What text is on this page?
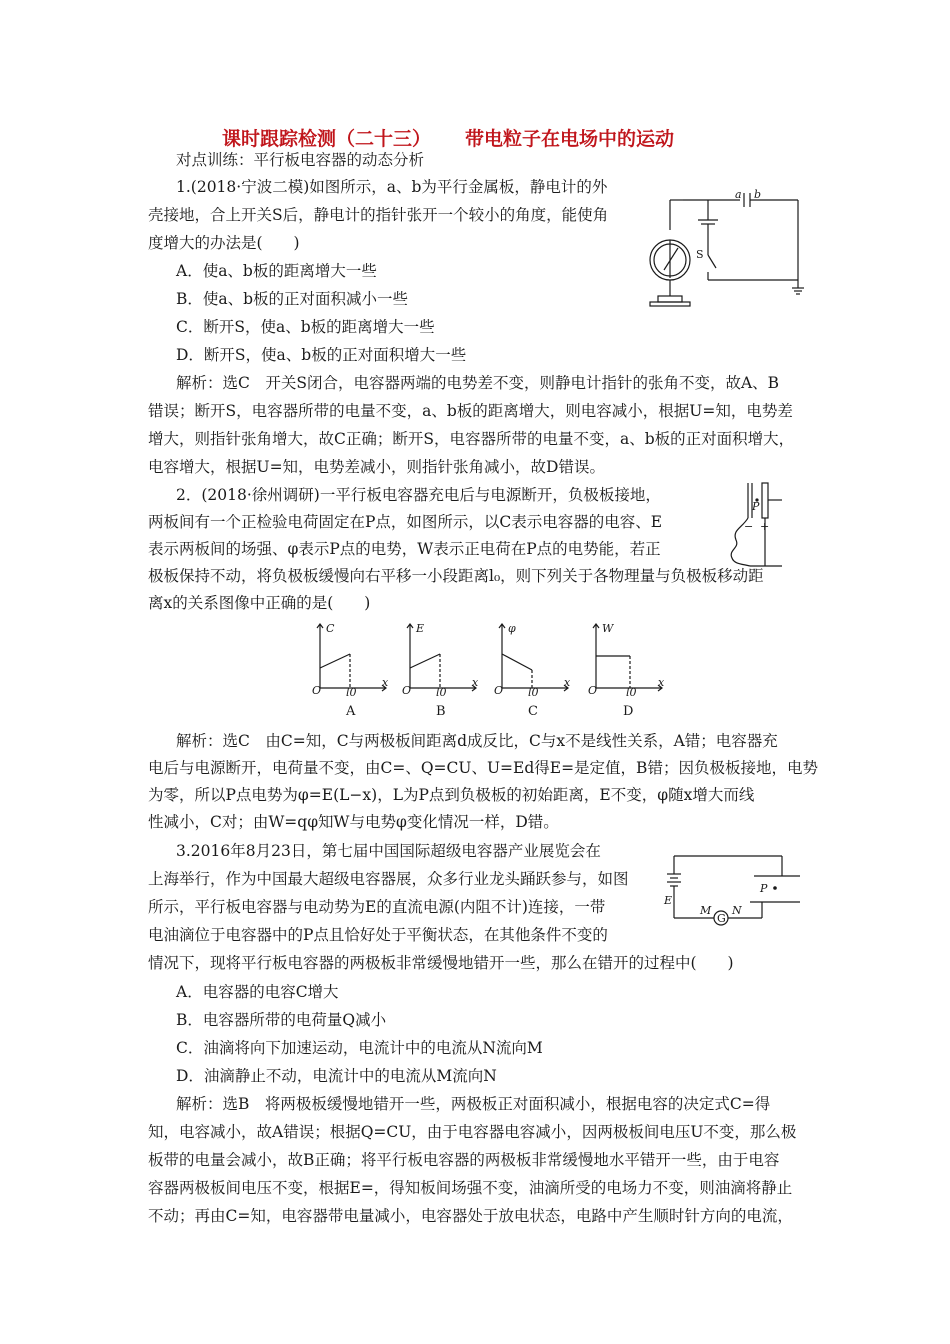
课时跟踪检测（二十三） 带电粒子在电场中的运动
对点训练：平行板电容器的动态分析
1.(2018·宁波二模)如图所示，a、b为平行金属板，静电计的外
壳接地，合上开关S后，静电计的指针张开一个较小的角度，能使角
度增大的办法是(　　)
A．使a、b板的距离增大一些
B．使a、b板的正对面积减小一些
C．断开S，使a、b板的距离增大一些
D．断开S，使a、b板的正对面积增大一些
解析：选C　开关S闭合，电容器两端的电势差不变，则静电计指针的张角不变，故A、B
错误；断开S，电容器所带的电量不变，a、b板的距离增大，则电容减小，根据U=知，电势差
增大，则指针张角增大，故C正确；断开S，电容器所带的电量不变，a、b板的正对面积增大，
电容增大，根据U=知，电势差减小，则指针张角减小，故D错误。
a b
S
2．(2018·徐州调研)一平行板电容器充电后与电源断开，负极板接地，
两板间有一个正检验电荷固定在P点，如图所示，以C表示电容器的电容、E
表示两板间的场强、φ表示P点的电势，W表示正电荷在P点的电势能，若正
极板保持不动，将负极板缓慢向右平移一小段距离l₀，则下列关于各物理量与负极板移动距
离x的关系图像中正确的是(　　)
P
− +
C
O l0
x
A
E
O l0
x
B
φ
O l0
x
C
W
O	l0
x
D
解析：选C　由C=知，C与两极板间距离d成反比，C与x不是线性关系，A错；电容器充
电后与电源断开，电荷量不变，由C=、Q=CU、U=Ed得E=是定值，B错；因负极板接地，电势
为零，所以P点电势为φ=E(L−x)，L为P点到负极板的初始距离，E不变，φ随x增大而线
性减小，C对；由W=qφ知W与电势φ变化情况一样，D错。
3.2016年8月23日，第七届中国国际超级电容器产业展览会在
上海举行，作为中国最大超级电容器展，众多行业龙头踊跃参与，如图
所示，平行板电容器与电动势为E的直流电源(内阻不计)连接，一带
电油滴位于电容器中的P点且恰好处于平衡状态，在其他条件不变的
情况下，现将平行板电容器的两极板非常缓慢地错开一些，那么在错开的过程中(　　)
E
M
G
N
P
A．电容器的电容C增大
B．电容器所带的电荷量Q减小
C．油滴将向下加速运动，电流计中的电流从N流向M
D．油滴静止不动，电流计中的电流从M流向N
解析：选B　将两极板缓慢地错开一些，两极板正对面积减小，根据电容的决定式C=得
知，电容减小，故A错误；根据Q=CU，由于电容器电容减小，因两极板间电压U不变，那么极
板带的电量会减小，故B正确；将平行板电容器的两极板非常缓慢地水平错开一些，由于电容
容器两极板间电压不变，根据E=，得知板间场强不变，油滴所受的电场力不变，则油滴将静止
不动；再由C=知，电容器带电量减小，电容器处于放电状态，电路中产生顺时针方向的电流，
